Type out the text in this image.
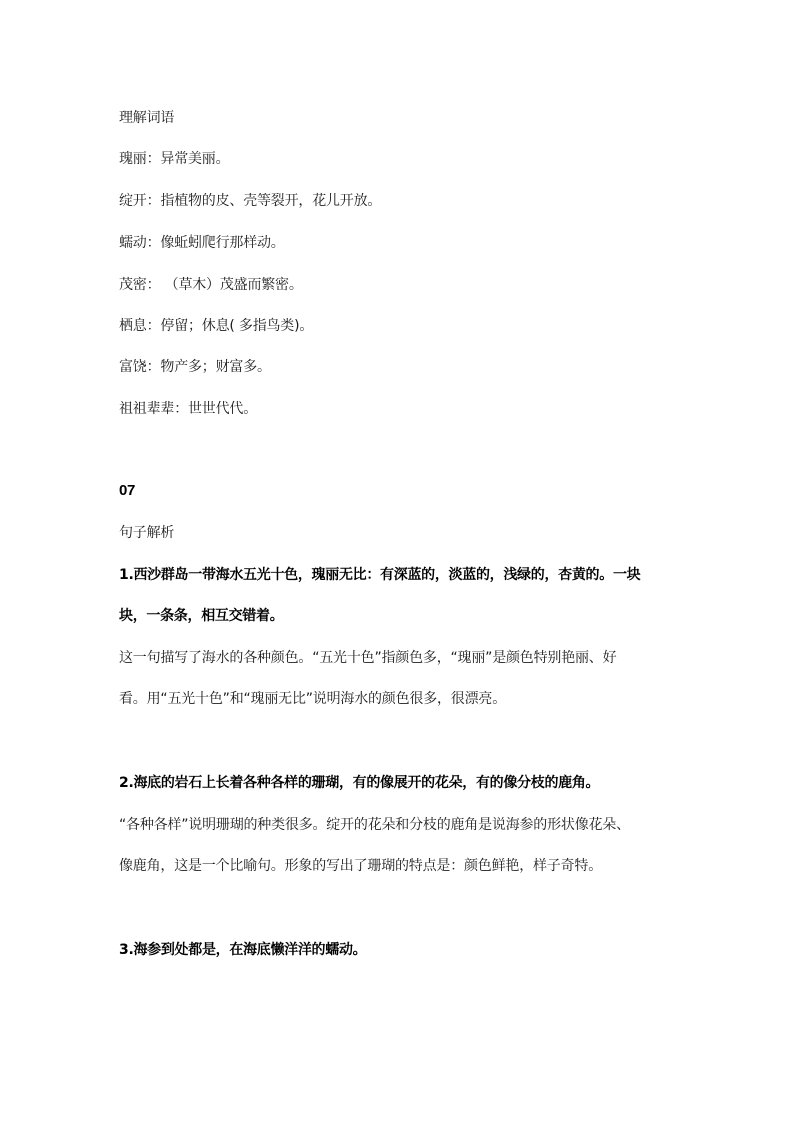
理解词语
瑰丽：异常美丽。
绽开：指植物的皮、壳等裂开，花儿开放。
蠕动：像蚯蚓爬行那样动。
茂密： （草木）茂盛而繁密。
栖息：停留；休息( 多指鸟类)。
富饶：物产多；财富多。
祖祖辈辈：世世代代。
07
句子解析
1.西沙群岛一带海水五光十色，瑰丽无比：有深蓝的，淡蓝的，浅绿的，杏黄的。一块
块，一条条，相互交错着。
这一句描写了海水的各种颜色。“五光十色”指颜色多，“瑰丽”是颜色特别艳丽、好
看。用“五光十色”和“瑰丽无比”说明海水的颜色很多，很漂亮。
2.海底的岩石上长着各种各样的珊瑚，有的像展开的花朵，有的像分枝的鹿角。
“各种各样”说明珊瑚的种类很多。绽开的花朵和分枝的鹿角是说海参的形状像花朵、
像鹿角，这是一个比喻句。形象的写出了珊瑚的特点是：颜色鲜艳，样子奇特。
3.海参到处都是，在海底懒洋洋的蠕动。
